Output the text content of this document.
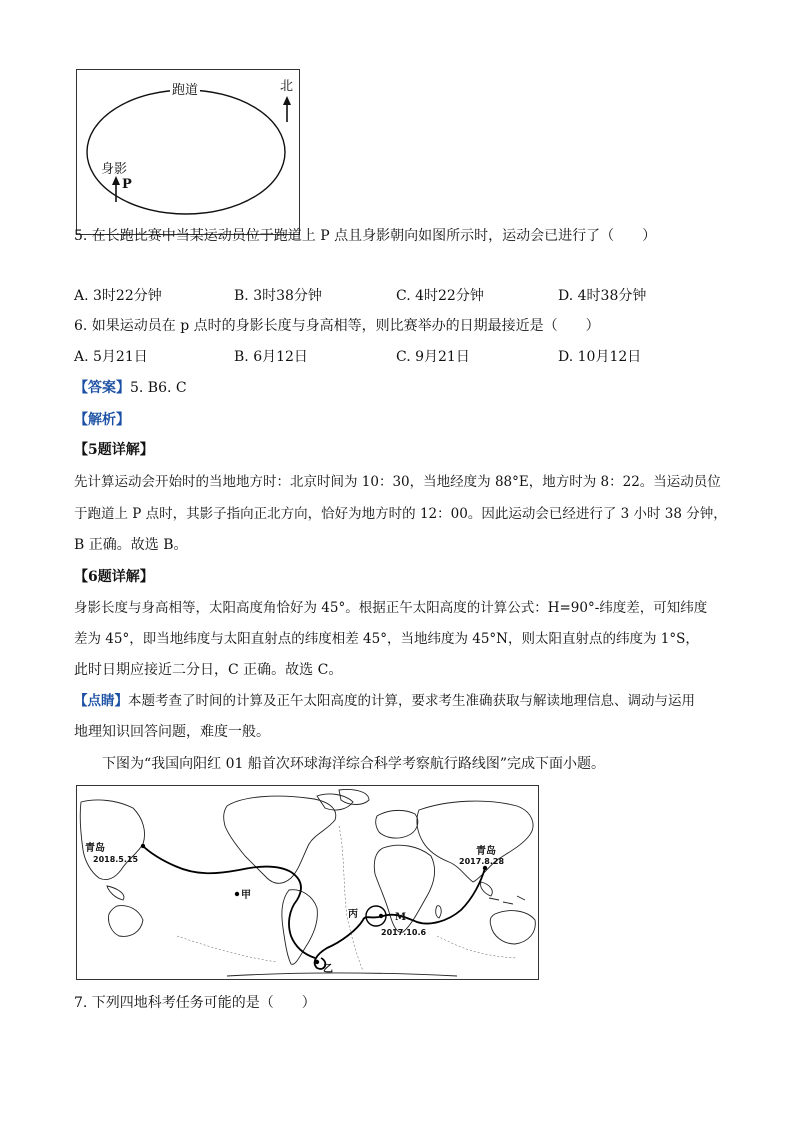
跑道	北
身影
P
5. 在长跑比赛中当某运动员位于跑道上 P 点且身影朝向如图所示时，运动会已进行了（　　）
A. 3时22分钟	B. 3时38分钟	C. 4时22分钟	D. 4时38分钟
6. 如果运动员在 p 点时的身影长度与身高相等，则比赛举办的日期最接近是（　　）
A. 5月21日	B. 6月12日	C. 9月21日	D. 10月12日
【答案】5. B6. C
【解析】
【5题详解】
先计算运动会开始时的当地地方时：北京时间为 10：30，当地经度为 88°E，地方时为 8：22。当运动员位
于跑道上 P 点时，其影子指向正北方向，恰好为地方时的 12：00。因此运动会已经进行了 3 小时 38 分钟，
B 正确。故选 B。
【6题详解】
身影长度与身高相等，太阳高度角恰好为 45°。根据正午太阳高度的计算公式：H=90°-纬度差，可知纬度
差为 45°，即当地纬度与太阳直射点的纬度相差 45°，当地纬度为 45°N，则太阳直射点的纬度为 1°S，
此时日期应接近二分日，C 正确。故选 C。
【点睛】本题考查了时间的计算及正午太阳高度的计算，要求考生准确获取与解读地理信息、调动与运用
地理知识回答问题，难度一般。
下图为“我国向阳红 01 船首次环球海洋综合科学考察航行路线图”完成下面小题。
青岛
2017.8.28
青岛
2018.5.15
甲
丙	M
2017.10.6
乙
7. 下列四地科考任务可能的是（　　）
